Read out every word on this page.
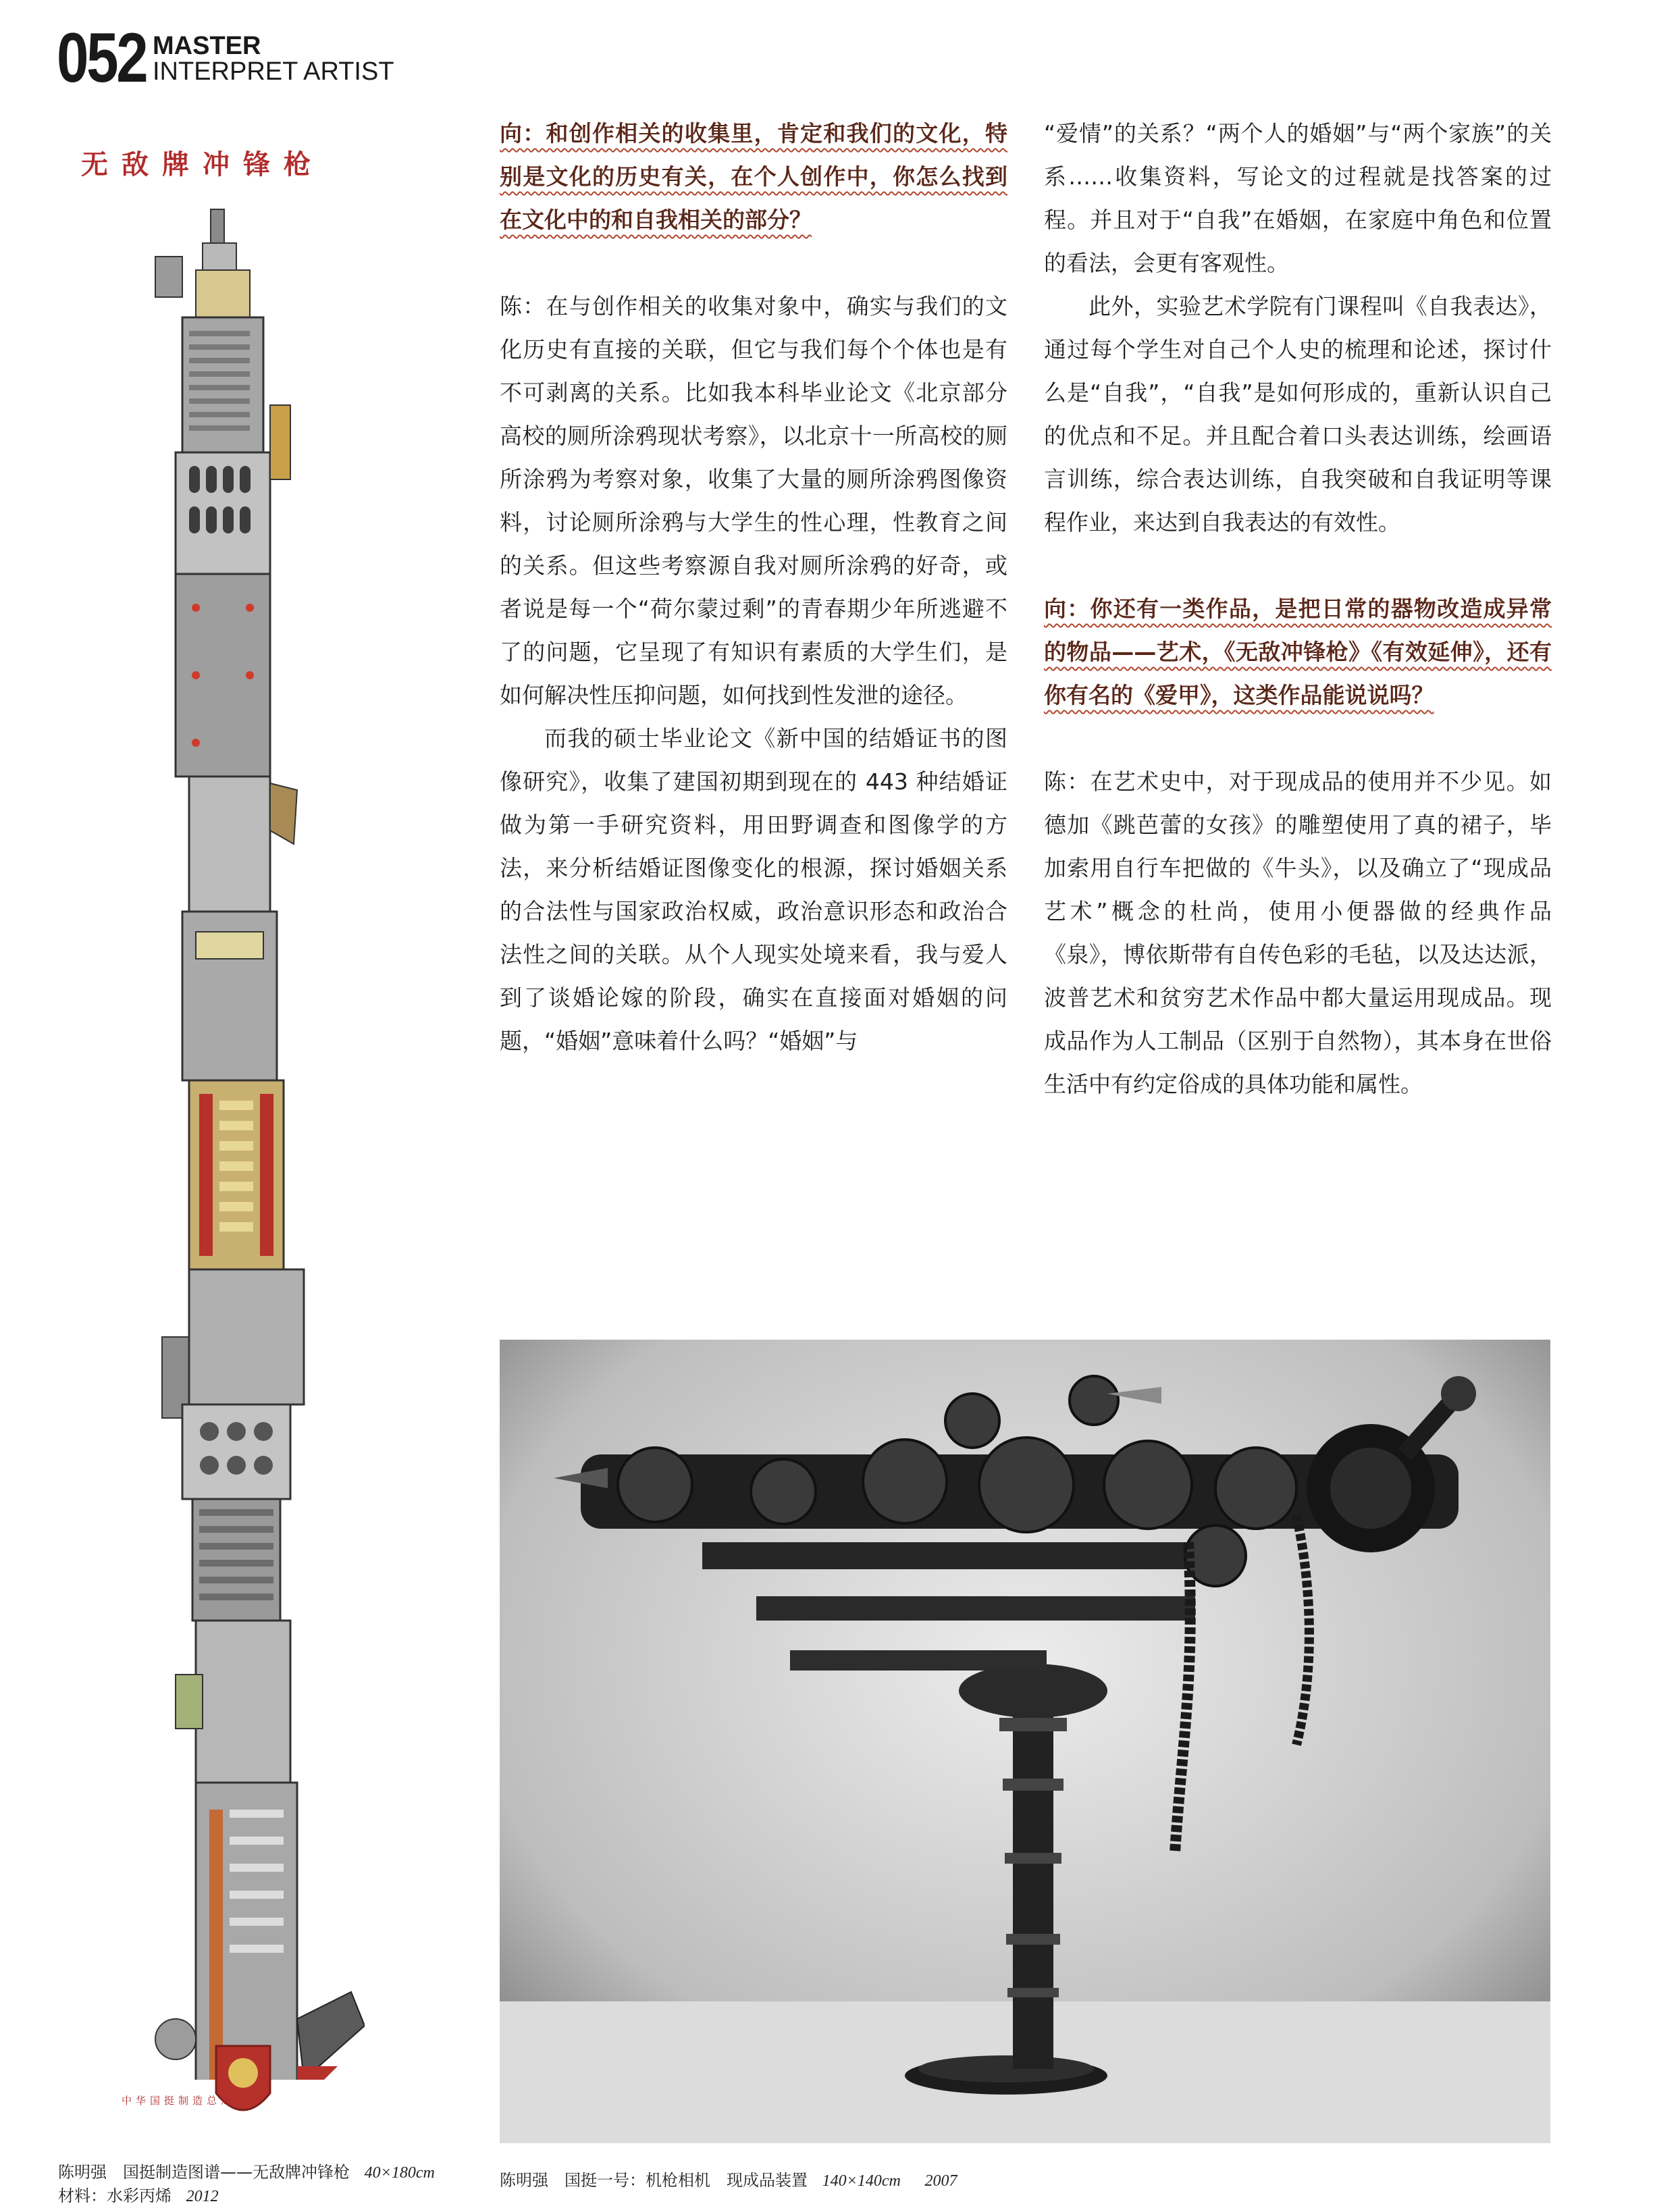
052 MASTER
INTERPRET ARTIST
无敌牌冲锋枪
中华国挺制造总局
陈明强　国挺制造图谱——无敌牌冲锋枪 40×180cm
材料：水彩丙烯 2012

向：和创作相关的收集里，肯定和我们的文化，特别是文化的历史有关，在个人创作中，你怎么找到在文化中的和自我相关的部分？

陈：在与创作相关的收集对象中，确实与我们的文化历史有直接的关联，但它与我们每个个体也是有不可剥离的关系。比如我本科毕业论文《北京部分高校的厕所涂鸦现状考察》，以北京十一所高校的厕所涂鸦为考察对象，收集了大量的厕所涂鸦图像资料，讨论厕所涂鸦与大学生的性心理，性教育之间的关系。但这些考察源自我对厕所涂鸦的好奇，或者说是每一个“荷尔蒙过剩”的青春期少年所逃避不了的问题，它呈现了有知识有素质的大学生们，是如何解决性压抑问题，如何找到性发泄的途径。

而我的硕士毕业论文《新中国的结婚证书的图像研究》，收集了建国初期到现在的 443 种结婚证做为第一手研究资料，用田野调查和图像学的方法，来分析结婚证图像变化的根源，探讨婚姻关系的合法性与国家政治权威，政治意识形态和政治合法性之间的关联。从个人现实处境来看，我与爱人到了谈婚论嫁的阶段，确实在直接面对婚姻的问题，“婚姻”意味着什么吗？“婚姻”与

“爱情”的关系？“两个人的婚姻”与“两个家族”的关系……收集资料，写论文的过程就是找答案的过程。并且对于“自我”在婚姻，在家庭中角色和位置的看法，会更有客观性。

此外，实验艺术学院有门课程叫《自我表达》，通过每个学生对自己个人史的梳理和论述，探讨什么是“自我”，“自我”是如何形成的，重新认识自己的优点和不足。并且配合着口头表达训练，绘画语言训练，综合表达训练，自我突破和自我证明等课程作业，来达到自我表达的有效性。

向：你还有一类作品，是把日常的器物改造成异常的物品——艺术，《无敌冲锋枪》《有效延伸》，还有你有名的《爱甲》，这类作品能说说吗？

陈：在艺术史中，对于现成品的使用并不少见。如德加《跳芭蕾的女孩》的雕塑使用了真的裙子，毕加索用自行车把做的《牛头》，以及确立了“现成品艺术”概念的杜尚，使用小便器做的经典作品《泉》，博依斯带有自传色彩的毛毡，以及达达派，波普艺术和贫穷艺术作品中都大量运用现成品。现成品作为人工制品（区别于自然物），其本身在世俗生活中有约定俗成的具体功能和属性。

陈明强　国挺一号：机枪相机　现成品装置 140×140cm 2007
